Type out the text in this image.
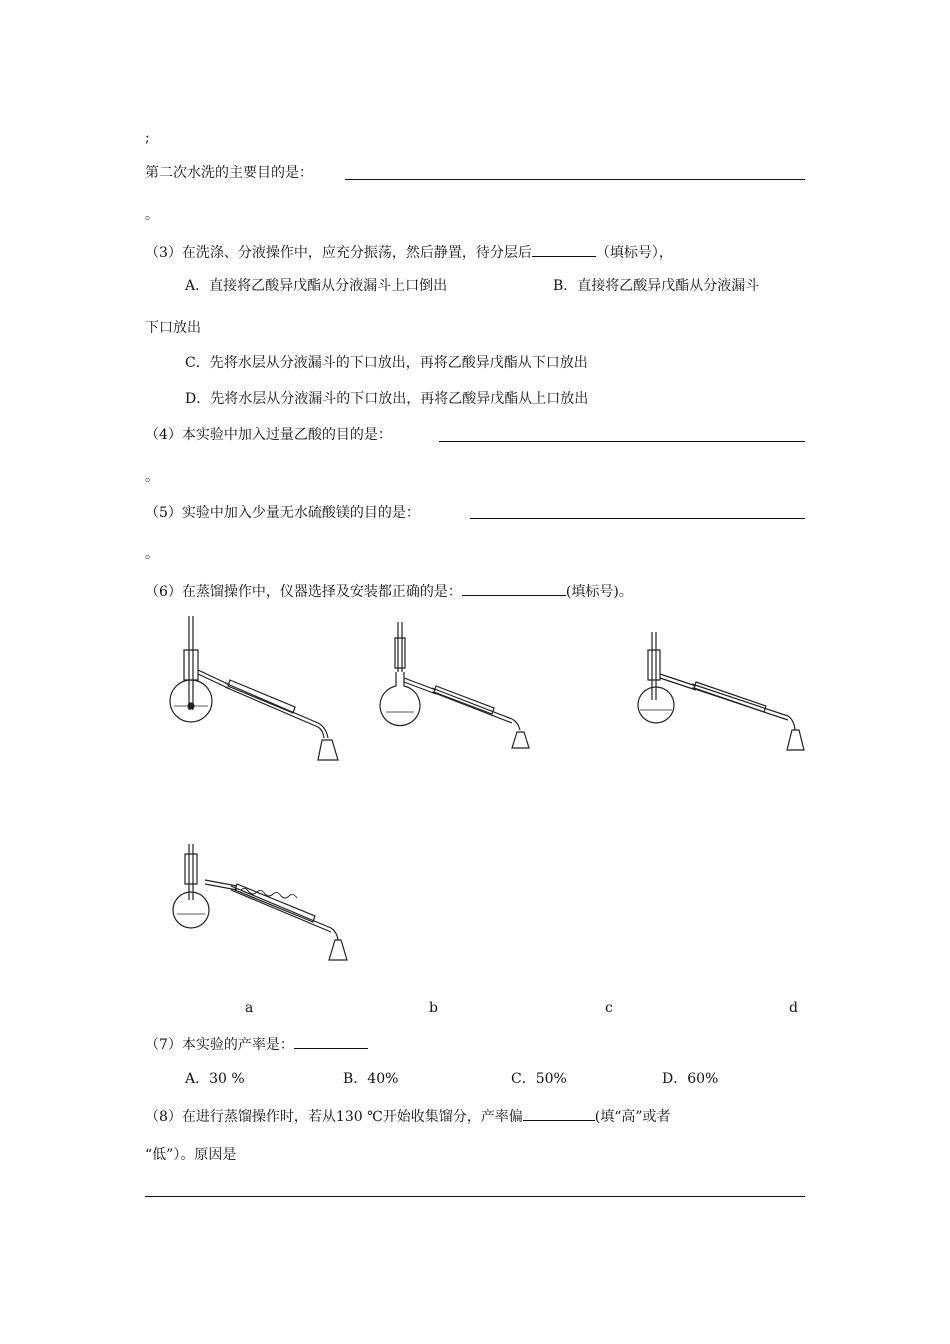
;
第二次水洗的主要目的是：
。
（3）在洗涤、分液操作中，应充分振荡，然后静置，待分层后	（填标号），
A．直接将乙酸异戊酯从分液漏斗上口倒出	B．直接将乙酸异戊酯从分液漏斗
下口放出
C．先将水层从分液漏斗的下口放出，再将乙酸异戊酯从下口放出
D．先将水层从分液漏斗的下口放出，再将乙酸异戊酯从上口放出
（4）本实验中加入过量乙酸的目的是：
。
（5）实验中加入少量无水硫酸镁的目的是：
。
（6）在蒸馏操作中，仪器选择及安装都正确的是：	(填标号)。
a	b	c	d
（7）本实验的产率是：
A．30 %	B．40%	C．50%	D．60%
（8）在进行蒸馏操作时，若从130 ℃开始收集馏分，产率偏	(填“高”或者
“低”）。原因是
